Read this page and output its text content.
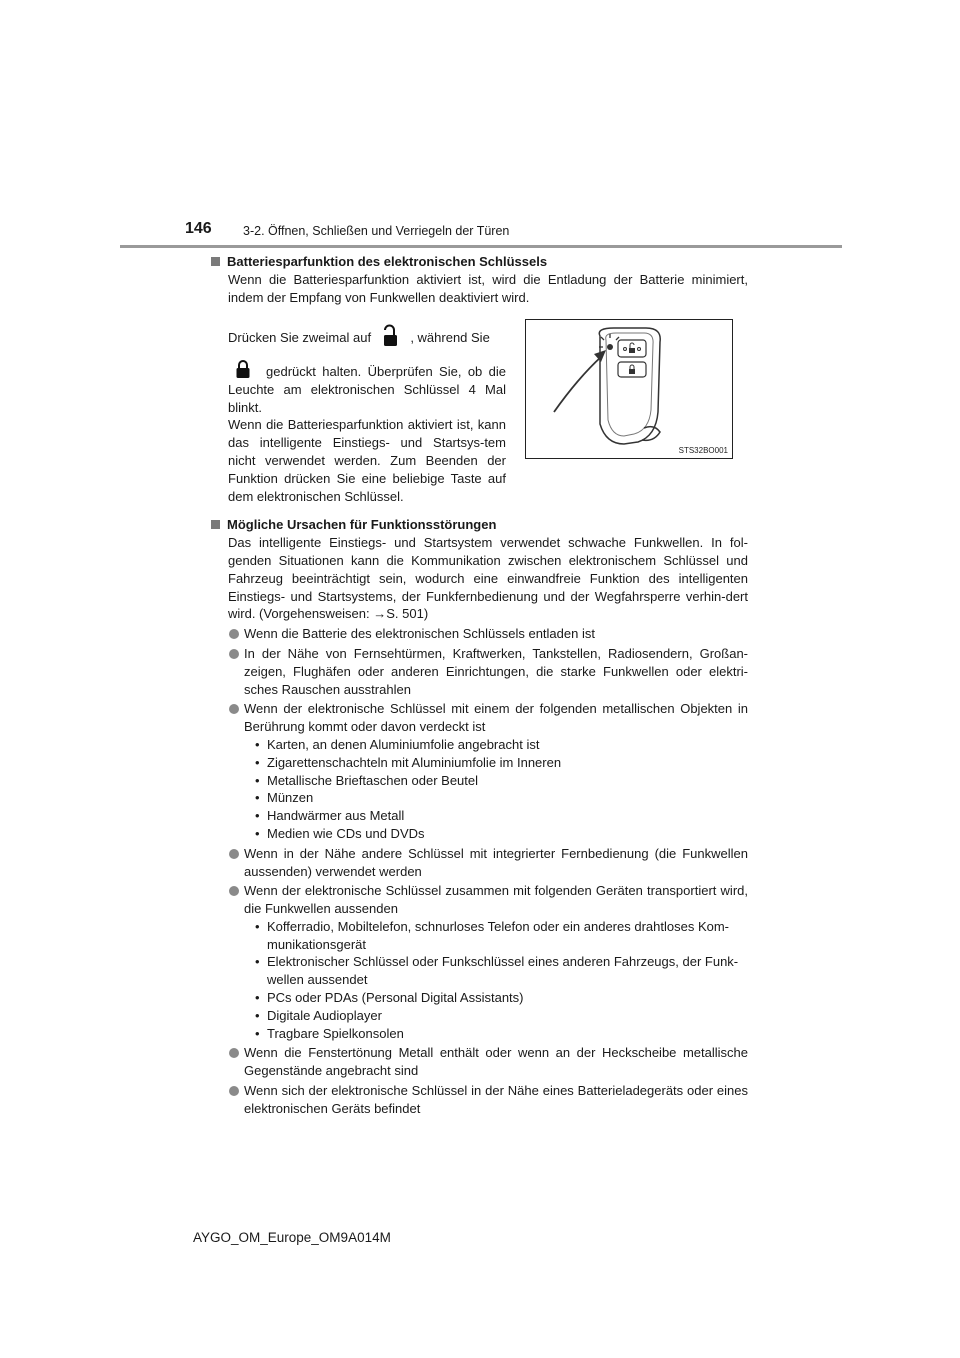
146	3-2. Öffnen, Schließen und Verriegeln der Türen
Batteriesparfunktion des elektronischen Schlüssels
Wenn die Batteriesparfunktion aktiviert ist, wird die Entladung der Batterie minimiert, indem der Empfang von Funkwellen deaktiviert wird.
Drücken Sie zweimal auf	, während Sie
gedrückt halten. Überprüfen Sie, ob die Leuchte am elektronischen Schlüssel 4 Mal blinkt.
Wenn die Batteriesparfunktion aktiviert ist, kann das intelligente Einstiegs- und Startsys-tem nicht verwendet werden. Zum Beenden der Funktion drücken Sie eine beliebige Taste auf dem elektronischen Schlüssel.
Mögliche Ursachen für Funktionsstörungen
Das intelligente Einstiegs- und Startsystem verwendet schwache Funkwellen. In fol-genden Situationen kann die Kommunikation zwischen elektronischem Schlüssel und Fahrzeug beeinträchtigt sein, wodurch eine einwandfreie Funktion des intelligenten Einstiegs- und Startsystems, der Funkfernbedienung und der Wegfahrsperre verhin-dert wird. (Vorgehensweisen: →S. 501)
Wenn die Batterie des elektronischen Schlüssels entladen ist
In der Nähe von Fernsehtürmen, Kraftwerken, Tankstellen, Radiosendern, Großan-zeigen, Flughäfen oder anderen Einrichtungen, die starke Funkwellen oder elektri-sches Rauschen ausstrahlen
Wenn der elektronische Schlüssel mit einem der folgenden metallischen Objekten in Berührung kommt oder davon verdeckt ist
• Karten, an denen Aluminiumfolie angebracht ist
• Zigarettenschachteln mit Aluminiumfolie im Inneren
• Metallische Brieftaschen oder Beutel
• Münzen
• Handwärmer aus Metall
• Medien wie CDs und DVDs
Wenn in der Nähe andere Schlüssel mit integrierter Fernbedienung (die Funkwellen aussenden) verwendet werden
Wenn der elektronische Schlüssel zusammen mit folgenden Geräten transportiert wird, die Funkwellen aussenden
• Kofferradio, Mobiltelefon, schnurloses Telefon oder ein anderes drahtloses Kom-munikationsgerät
• Elektronischer Schlüssel oder Funkschlüssel eines anderen Fahrzeugs, der Funk-wellen aussendet
• PCs oder PDAs (Personal Digital Assistants)
• Digitale Audioplayer
• Tragbare Spielkonsolen
Wenn die Fenstertönung Metall enthält oder wenn an der Heckscheibe metallische Gegenstände angebracht sind
Wenn sich der elektronische Schlüssel in der Nähe eines Batterieladegeräts oder eines elektronischen Geräts befindet
STS32BO001
AYGO_OM_Europe_OM9A014M
